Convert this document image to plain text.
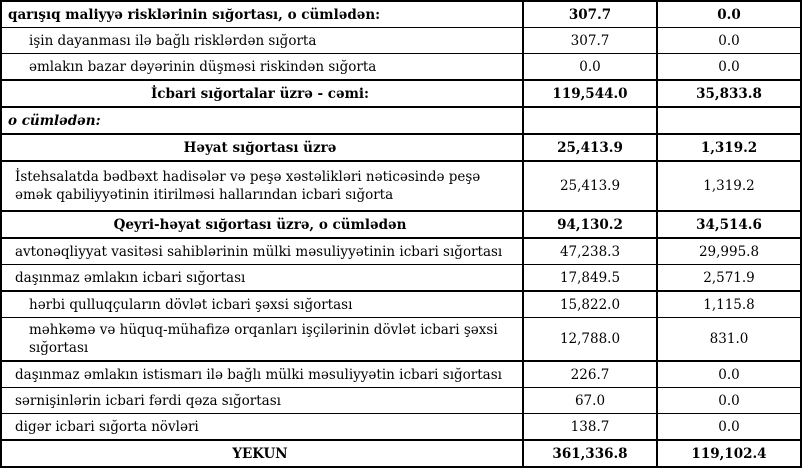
qarışıq maliyyə risklərinin sığortası, o cümlədən:	307.7	0.0
işin dayanması ilə bağlı risklərdən sığorta	307.7	0.0
əmlakın bazar dəyərinin düşməsi riskindən sığorta	0.0	0.0
İcbari sığortalar üzrə - cəmi:	119,544.0	35,833.8
o cümlədən:		
Həyat sığortası üzrə	25,413.9	1,319.2
İstehsalatda bədbəxt hadisələr və peşə xəstəlikləri nəticəsində peşə əmək qabiliyyətinin itirilməsi hallarından icbari sığorta	25,413.9	1,319.2
Qeyri-həyat sığortası üzrə, o cümlədən	94,130.2	34,514.6
avtonəqliyyat vasitəsi sahiblərinin mülki məsuliyyətinin icbari sığortası	47,238.3	29,995.8
daşınmaz əmlakın icbari sığortası	17,849.5	2,571.9
hərbi qulluqçuların dövlət icbari şəxsi sığortası	15,822.0	1,115.8
məhkəmə və hüquq-mühafizə orqanları işçilərinin dövlət icbari şəxsi sığortası	12,788.0	831.0
daşınmaz əmlakın istismarı ilə bağlı mülki məsuliyyətin icbari sığortası	226.7	0.0
sərnişinlərin icbari fərdi qəza sığortası	67.0	0.0
digər icbari sığorta növləri	138.7	0.0
YEKUN	361,336.8	119,102.4
